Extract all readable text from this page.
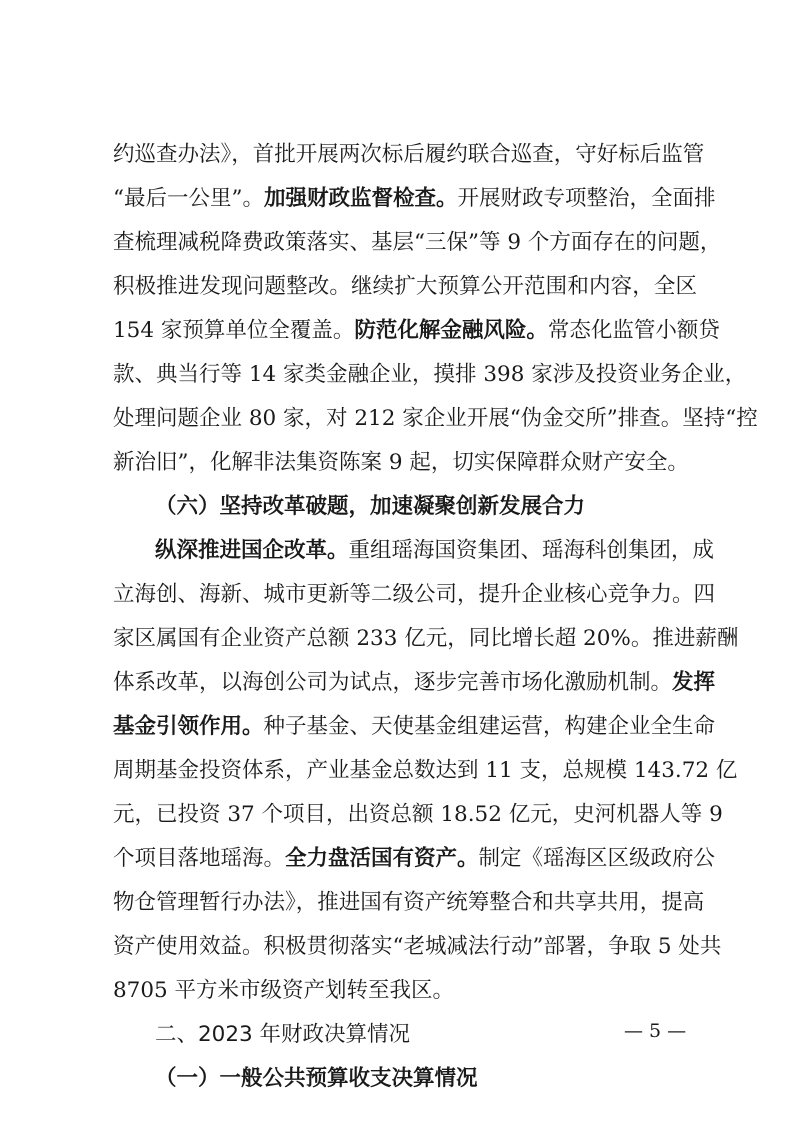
约巡查办法》，首批开展两次标后履约联合巡查，守好标后监管
“最后一公里”。加强财政监督检查。开展财政专项整治，全面排
查梳理减税降费政策落实、基层“三保”等 9 个方面存在的问题，
积极推进发现问题整改。继续扩大预算公开范围和内容，全区
154 家预算单位全覆盖。防范化解金融风险。常态化监管小额贷
款、典当行等 14 家类金融企业，摸排 398 家涉及投资业务企业，
处理问题企业 80 家，对 212 家企业开展“伪金交所”排查。坚持“控
新治旧”，化解非法集资陈案 9 起，切实保障群众财产安全。
（六）坚持改革破题，加速凝聚创新发展合力
纵深推进国企改革。重组瑶海国资集团、瑶海科创集团，成
立海创、海新、城市更新等二级公司，提升企业核心竞争力。四
家区属国有企业资产总额 233 亿元，同比增长超 20%。推进薪酬
体系改革，以海创公司为试点，逐步完善市场化激励机制。发挥
基金引领作用。种子基金、天使基金组建运营，构建企业全生命
周期基金投资体系，产业基金总数达到 11 支，总规模 143.72 亿
元，已投资 37 个项目，出资总额 18.52 亿元，史河机器人等 9
个项目落地瑶海。全力盘活国有资产。制定《瑶海区区级政府公
物仓管理暂行办法》，推进国有资产统筹整合和共享共用，提高
资产使用效益。积极贯彻落实“老城减法行动”部署，争取 5 处共
8705 平方米市级资产划转至我区。
二、2023 年财政决算情况
（一）一般公共预算收支决算情况
— 5 —
